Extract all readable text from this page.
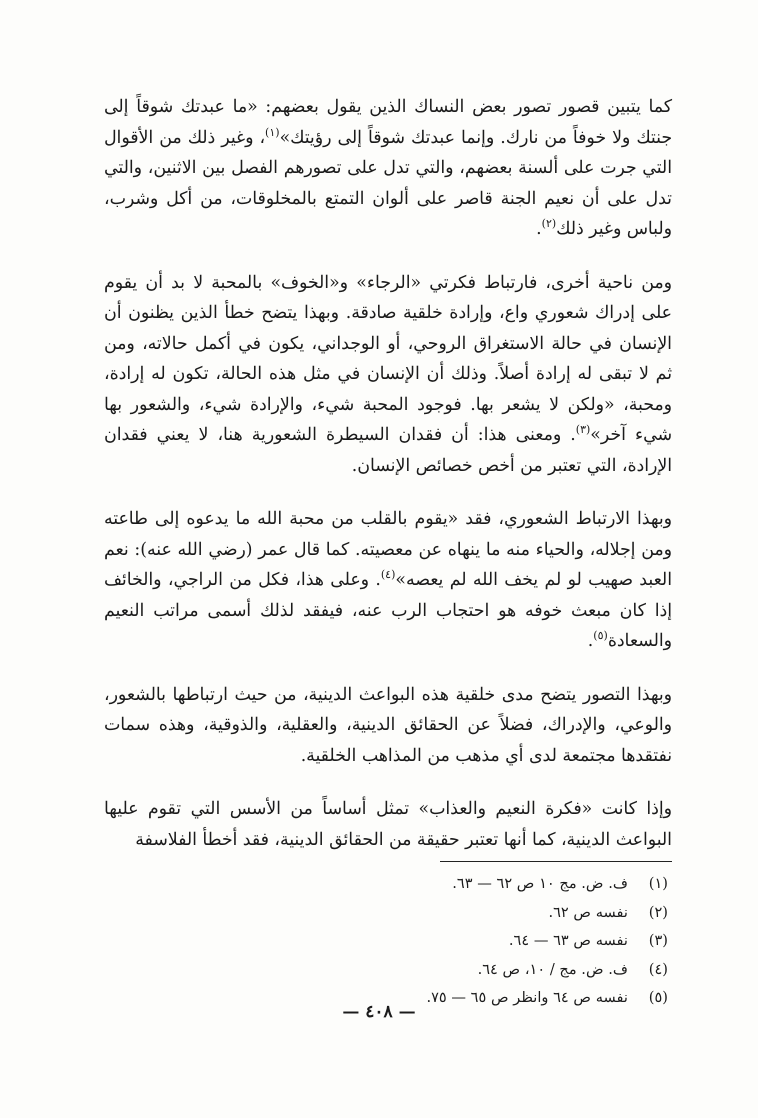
كما يتبين قصور تصور بعض النساك الذين يقول بعضهم: «ما عبدتك شوقاً إلى جنتك ولا خوفاً من نارك. وإنما عبدتك شوقاً إلى رؤيتك»$^{(١)}$، وغير ذلك من الأقوال التي جرت على ألسنة بعضهم، والتي تدل على تصورهم الفصل بين الاثنين، والتي تدل على أن نعيم الجنة قاصر على ألوان التمتع بالمخلوقات، من أكل وشرب، ولباس وغير ذلك$^{(٢)}$.

ومن ناحية أخرى، فارتباط فكرتي «الرجاء» و«الخوف» بالمحبة لا بد أن يقوم على إدراك شعوري واع، وإرادة خلقية صادقة. وبهذا يتضح خطأ الذين يظنون أن الإنسان في حالة الاستغراق الروحي، أو الوجداني، يكون في أكمل حالاته، ومن ثم لا تبقى له إرادة أصلاً. وذلك أن الإنسان في مثل هذه الحالة، تكون له إرادة، ومحبة، «ولكن لا يشعر بها. فوجود المحبة شيء، والإرادة شيء، والشعور بها شيء آخر»$^{(٣)}$. ومعنى هذا: أن فقدان السيطرة الشعورية هنا، لا يعني فقدان الإرادة، التي تعتبر من أخص خصائص الإنسان.

وبهذا الارتباط الشعوري، فقد «يقوم بالقلب من محبة الله ما يدعوه إلى طاعته ومن إجلاله، والحياء منه ما ينهاه عن معصيته. كما قال عمر (رضي الله عنه): نعم العبد صهيب لو لم يخف الله لم يعصه»$^{(٤)}$. وعلى هذا، فكل من الراجي، والخائف إذا كان مبعث خوفه هو احتجاب الرب عنه، فيفقد لذلك أسمى مراتب النعيم والسعادة$^{(٥)}$.

وبهذا التصور يتضح مدى خلقية هذه البواعث الدينية، من حيث ارتباطها بالشعور، والوعي، والإدراك، فضلاً عن الحقائق الدينية، والعقلية، والذوقية، وهذه سمات نفتقدها مجتمعة لدى أي مذهب من المذاهب الخلقية.

وإذا كانت «فكرة النعيم والعذاب» تمثل أساساً من الأسس التي تقوم عليها البواعث الدينية، كما أنها تعتبر حقيقة من الحقائق الدينية، فقد أخطأ الفلاسفة

(١)ف. ض. مج ١٠ ص ٦٢ — ٦٣.
(٢)نفسه ص ٦٢.
(٣)نفسه ص ٦٣ — ٦٤.
(٤)ف. ض. مج / ١٠، ص ٦٤.
(٥)نفسه ص ٦٤ وانظر ص ٦٥ — ٧٥.
— ٤٠٨ —
